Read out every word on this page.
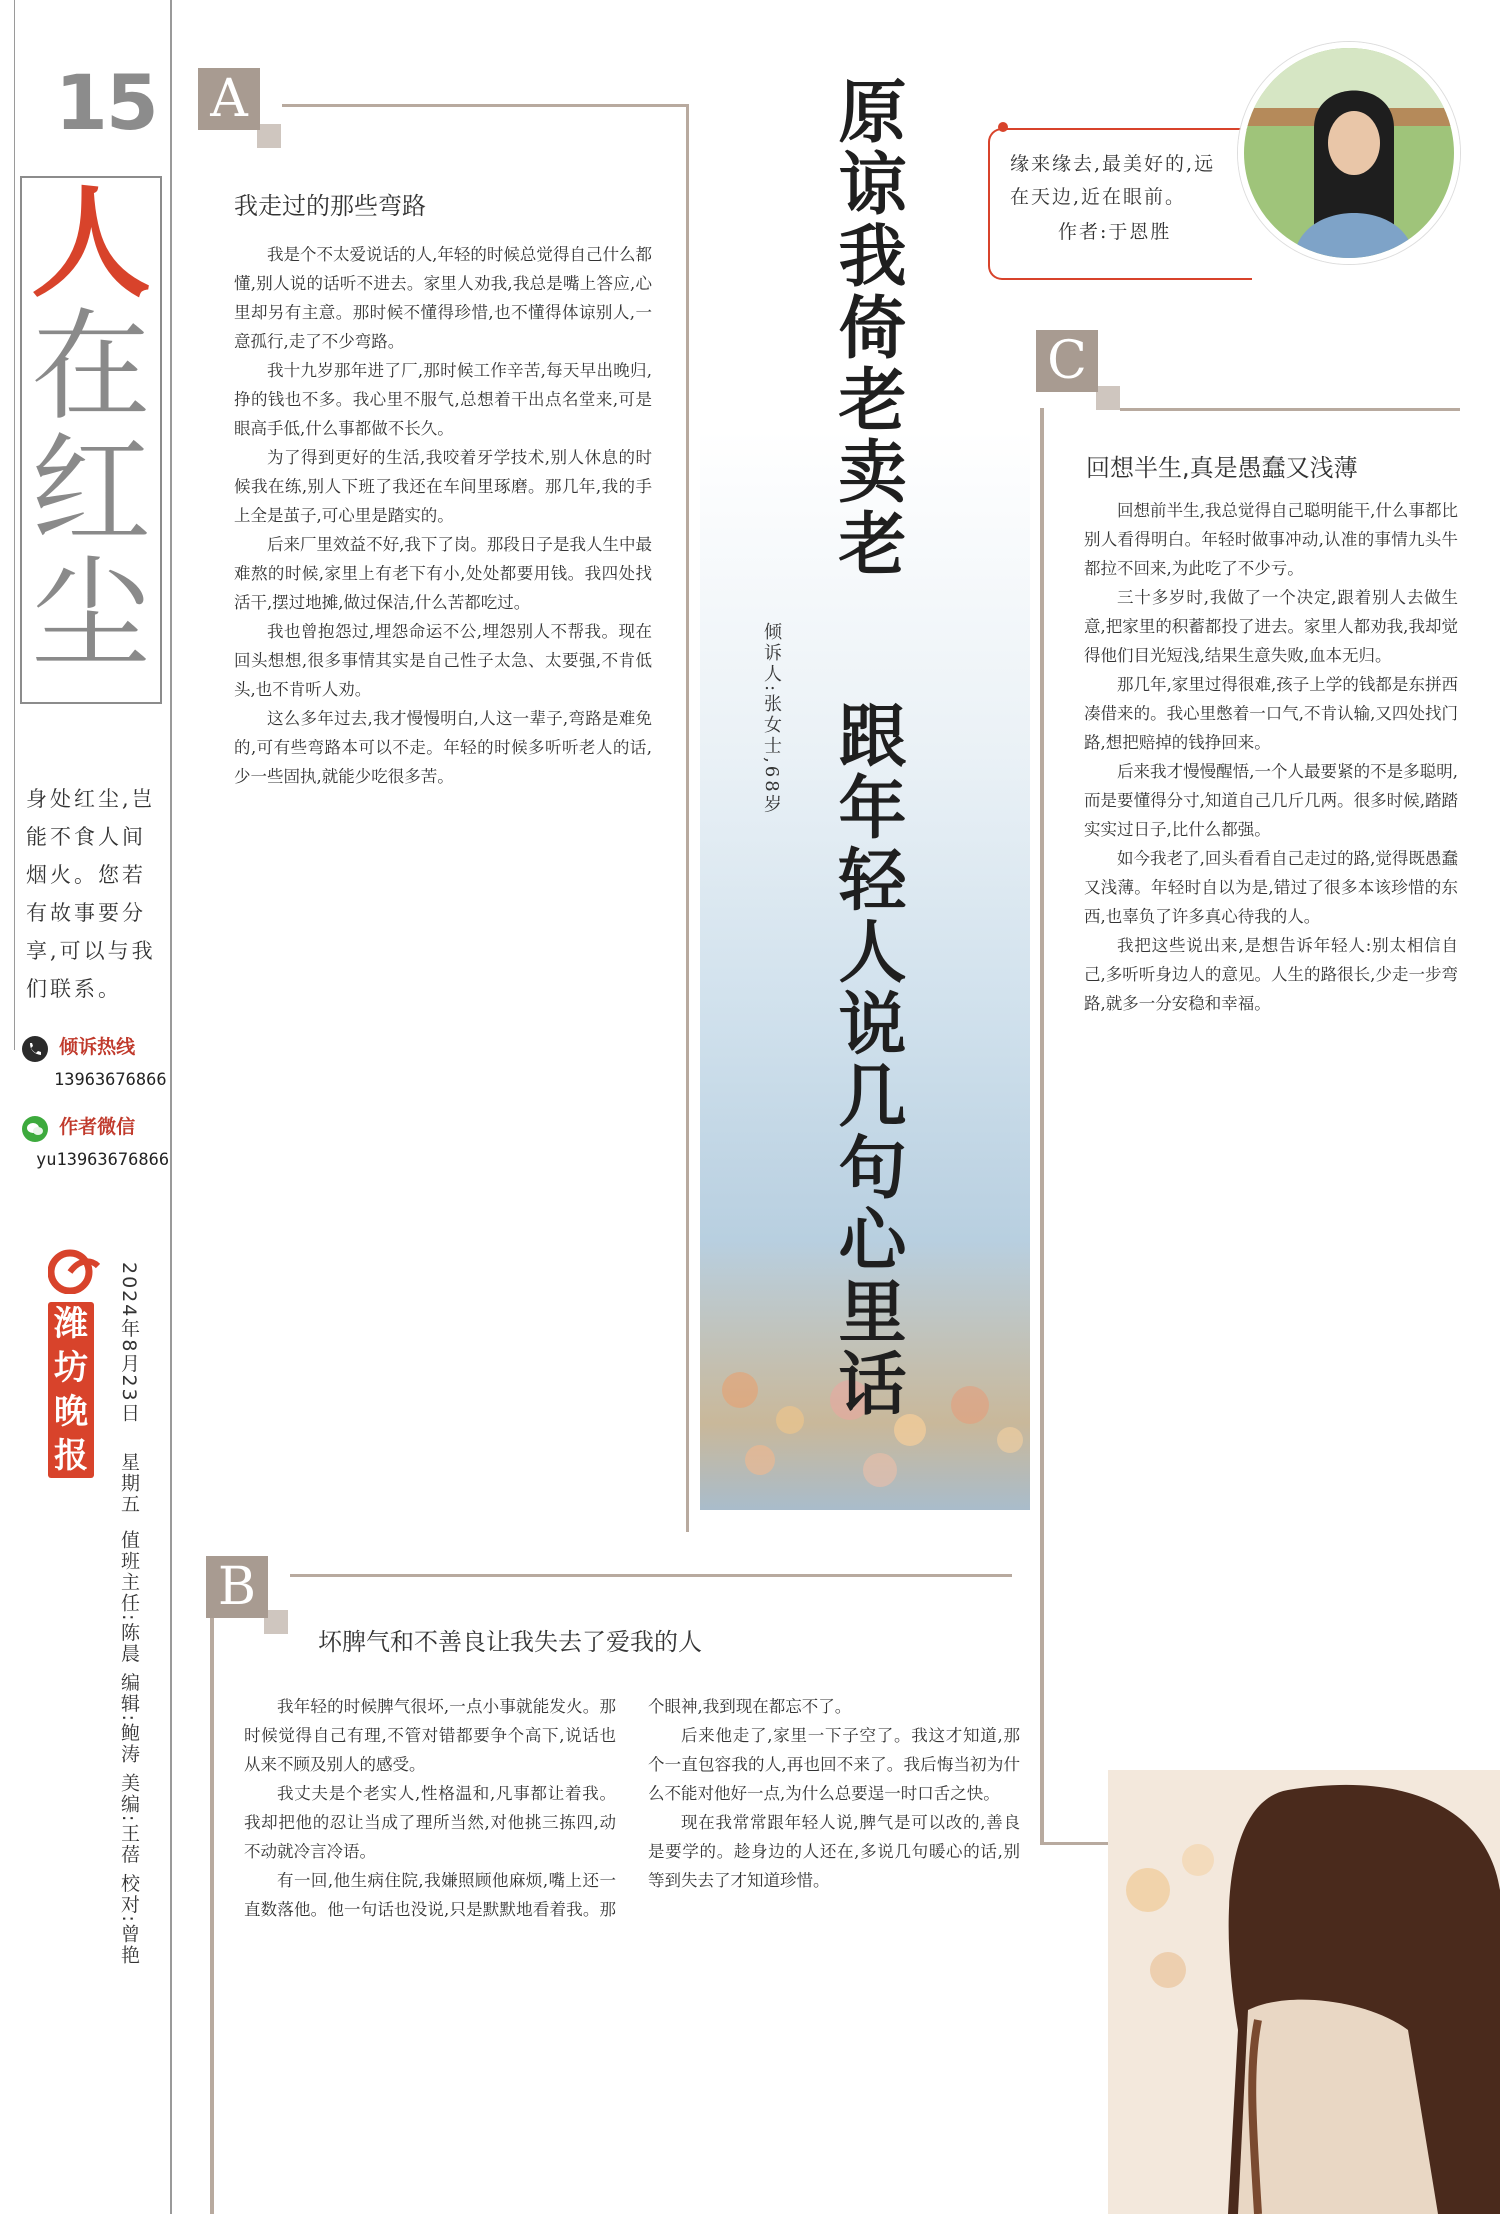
15
人
在
红
尘
身处红尘,岂能不食人间烟火。您若有故事要分享,可以与我们联系。
倾诉热线
13963676866
作者微信
yu13963676866
潍
坊
晚
报
2024年8月23日
星期五
值班主任:陈晨 编辑:鲍涛 美编:王蓓 校对:曾艳
A
我走过的那些弯路

我是个不太爱说话的人,年轻的时候总觉得自己什么都懂,别人说的话听不进去。家里人劝我,我总是嘴上答应,心里却另有主意。那时候不懂得珍惜,也不懂得体谅别人,一意孤行,走了不少弯路。

我十九岁那年进了厂,那时候工作辛苦,每天早出晚归,挣的钱也不多。我心里不服气,总想着干出点名堂来,可是眼高手低,什么事都做不长久。

为了得到更好的生活,我咬着牙学技术,别人休息的时候我在练,别人下班了我还在车间里琢磨。那几年,我的手上全是茧子,可心里是踏实的。

后来厂里效益不好,我下了岗。那段日子是我人生中最难熬的时候,家里上有老下有小,处处都要用钱。我四处找活干,摆过地摊,做过保洁,什么苦都吃过。

我也曾抱怨过,埋怨命运不公,埋怨别人不帮我。现在回头想想,很多事情其实是自己性子太急、太要强,不肯低头,也不肯听人劝。

这么多年过去,我才慢慢明白,人这一辈子,弯路是难免的,可有些弯路本可以不走。年轻的时候多听听老人的话,少一些固执,就能少吃很多苦。

原谅我倚老卖老
跟年轻人说几句心里话
倾诉人:张女士,68岁
缘来缘去,最美好的,远在天边,近在眼前。
作者:于恩胜
C
回想半生,真是愚蠢又浅薄

回想前半生,我总觉得自己聪明能干,什么事都比别人看得明白。年轻时做事冲动,认准的事情九头牛都拉不回来,为此吃了不少亏。

三十多岁时,我做了一个决定,跟着别人去做生意,把家里的积蓄都投了进去。家里人都劝我,我却觉得他们目光短浅,结果生意失败,血本无归。

那几年,家里过得很难,孩子上学的钱都是东拼西凑借来的。我心里憋着一口气,不肯认输,又四处找门路,想把赔掉的钱挣回来。

后来我才慢慢醒悟,一个人最要紧的不是多聪明,而是要懂得分寸,知道自己几斤几两。很多时候,踏踏实实过日子,比什么都强。

如今我老了,回头看看自己走过的路,觉得既愚蠢又浅薄。年轻时自以为是,错过了很多本该珍惜的东西,也辜负了许多真心待我的人。

我把这些说出来,是想告诉年轻人:别太相信自己,多听听身边人的意见。人生的路很长,少走一步弯路,就多一分安稳和幸福。

B
坏脾气和不善良让我失去了爱我的人

我年轻的时候脾气很坏,一点小事就能发火。那时候觉得自己有理,不管对错都要争个高下,说话也从来不顾及别人的感受。

我丈夫是个老实人,性格温和,凡事都让着我。我却把他的忍让当成了理所当然,对他挑三拣四,动不动就冷言冷语。

有一回,他生病住院,我嫌照顾他麻烦,嘴上还一直数落他。他一句话也没说,只是默默地看着我。那个眼神,我到现在都忘不了。

后来他走了,家里一下子空了。我这才知道,那个一直包容我的人,再也回不来了。我后悔当初为什么不能对他好一点,为什么总要逞一时口舌之快。

现在我常常跟年轻人说,脾气是可以改的,善良是要学的。趁身边的人还在,多说几句暖心的话,别等到失去了才知道珍惜。
